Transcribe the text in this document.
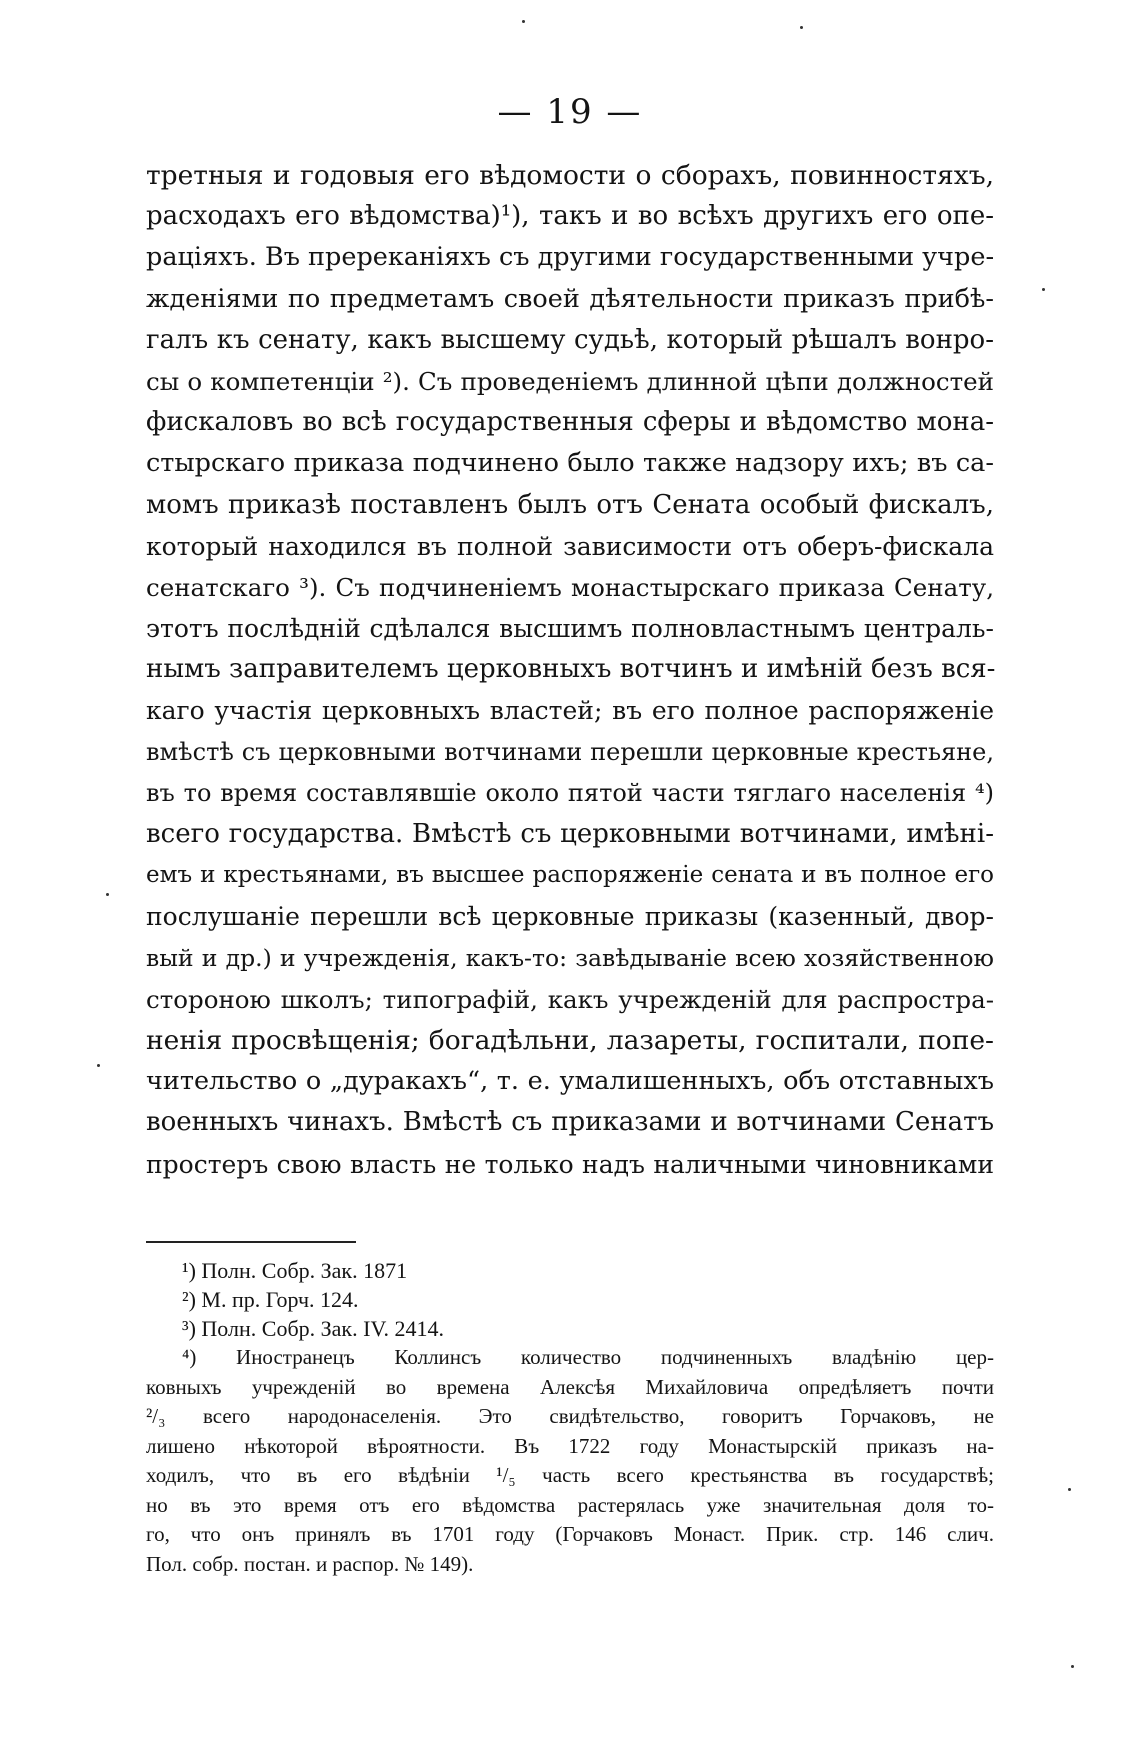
— 19 —
третныя и годовыя его вѣдомости о сборахъ, повинностяхъ,
расходахъ его вѣдомства)¹), такъ и во всѣхъ другихъ его опе-
раціяхъ. Въ пререканіяхъ съ другими государственными учре-
жденіями по предметамъ своей дѣятельности приказъ прибѣ-
галъ къ сенату, какъ высшему судьѣ, который рѣшалъ вонро-
сы о компетенціи ²). Съ проведеніемъ длинной цѣпи должностей
фискаловъ во всѣ государственныя сферы и вѣдомство мона-
стырскаго приказа подчинено было также надзору ихъ; въ са-
момъ приказѣ поставленъ былъ отъ Сената особый фискалъ,
который находился въ полной зависимости отъ оберъ-фискала
сенатскаго ³). Съ подчиненіемъ монастырскаго приказа Сенату,
этотъ послѣдній сдѣлался высшимъ полновластнымъ централь-
нымъ заправителемъ церковныхъ вотчинъ и имѣній безъ вся-
каго участія церковныхъ властей; въ его полное распоряженіе
вмѣстѣ съ церковными вотчинами перешли церковные крестьяне,
въ то время составлявшіе около пятой части тяглаго населенія ⁴)
всего государства. Вмѣстѣ съ церковными вотчинами, имѣні-
емъ и крестьянами, въ высшее распоряженіе сената и въ полное его
послушаніе перешли всѣ церковные приказы (казенный, двор-
вый и др.) и учрежденія, какъ-то: завѣдываніе всею хозяйственною
стороною школъ; типографій, какъ учрежденій для распростра-
ненія просвѣщенія; богадѣльни, лазареты, госпитали, попе-
чительство о „дуракахъ“, т. е. умалишенныхъ, объ отставныхъ
военныхъ чинахъ. Вмѣстѣ съ приказами и вотчинами Сенатъ
простеръ свою власть не только надъ наличными чиновниками
¹) Полн. Собр. Зак. 1871
²) М. пр. Горч. 124.
³) Полн. Собр. Зак. IV. 2414.
⁴) Иностранецъ Коллинсъ количество подчиненныхъ владѣнію цер-
ковныхъ учрежденій во времена Алексѣя Михайловича опредѣляетъ почти
²/₃ всего народонаселенія. Это свидѣтельство, говоритъ Горчаковъ, не
лишено нѣкоторой вѣроятности. Въ 1722 году Монастырскій приказъ на-
ходилъ, что въ его вѣдѣніи ¹/₅ часть всего крестьянства въ государствѣ;
но въ это время отъ его вѣдомства растерялась уже значительная доля то-
го, что онъ принялъ въ 1701 году (Горчаковъ Монаст. Прик. стр. 146 слич.
Пол. собр. постан. и распор. № 149).
